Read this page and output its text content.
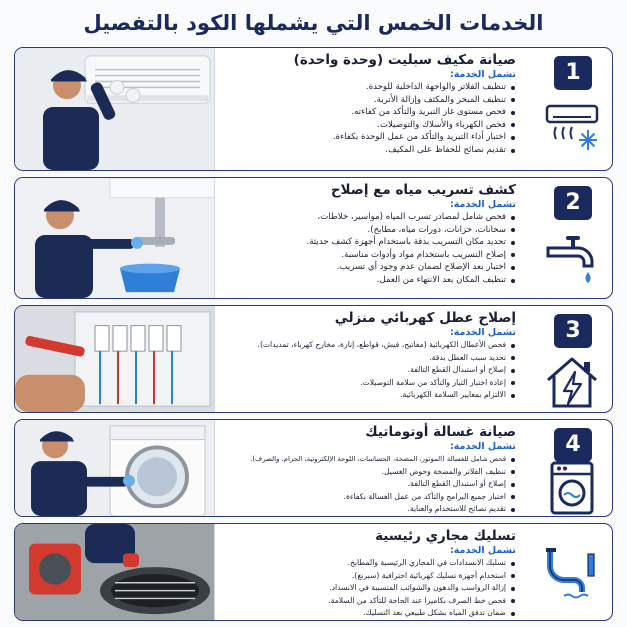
الخدمات الخمس التي يشملها الكود بالتفصيل
صيانة مكيف سبليت (وحدة واحدة)
تشمل الخدمة:
تنظيف الفلاتر والواجهة الداخلية للوحدة.
تنظيف المبخر والمكثف وإزالة الأتربة.
فحص مستوى غاز التبريد والتأكد من كفاءته.
فحص الكهرباء والأسلاك والتوصيلات.
اختبار أداء التبريد والتأكد من عمل الوحدة بكفاءة.
تقديم نصائح للحفاظ على المكيف.
1
كشف تسريب مياه مع إصلاح
تشمل الخدمة:
فحص شامل لمصادر تسرب المياه (مواسير، خلاطات،
سخانات، خزانات، دورات مياه، مطابخ).
تحديد مكان التسريب بدقة باستخدام أجهزة كشف حديثة.
إصلاح التسريب باستخدام مواد وأدوات مناسبة.
اختبار بعد الإصلاح لضمان عدم وجود أي تسريب.
تنظيف المكان بعد الانتهاء من العمل.
2
إصلاح عطل كهربائي منزلي
تشمل الخدمة:
فحص الأعطال الكهربائية (مفاتيح، فيش، قواطع، إنارة، مخارج كهرباء، تمديدات).
تحديد سبب العطل بدقة.
إصلاح أو استبدال القطع التالفة.
إعادة اختبار التيار والتأكد من سلامة التوصيلات.
الالتزام بمعايير السلامة الكهربائية.
3
صيانة غسالة أوتوماتيك
تشمل الخدمة:
فحص شامل للغسالة (الموتور، المضخة، الحساسات، اللوحة الإلكترونية، الحزام، والصرف).
تنظيف الفلاتر والمضخة وحوض الغسيل.
إصلاح أو استبدال القطع التالفة.
اختبار جميع البرامج والتأكد من عمل الغسالة بكفاءة.
تقديم نصائح للاستخدام والعناية.
4
تسليك مجاري رئيسية
تشمل الخدمة:
تسليك الانسدادات في المجاري الرئيسية والمطابخ.
استخدام أجهزة تسليك كهربائية احترافية (سبرنغ).
إزالة الرواسب والدهون والشوائب المتسببة في الانسداد.
فحص خط الصرف بكاميرا عند الحاجة للتأكد من السلامة.
ضمان تدفق المياه بشكل طبيعي بعد التسليك.
